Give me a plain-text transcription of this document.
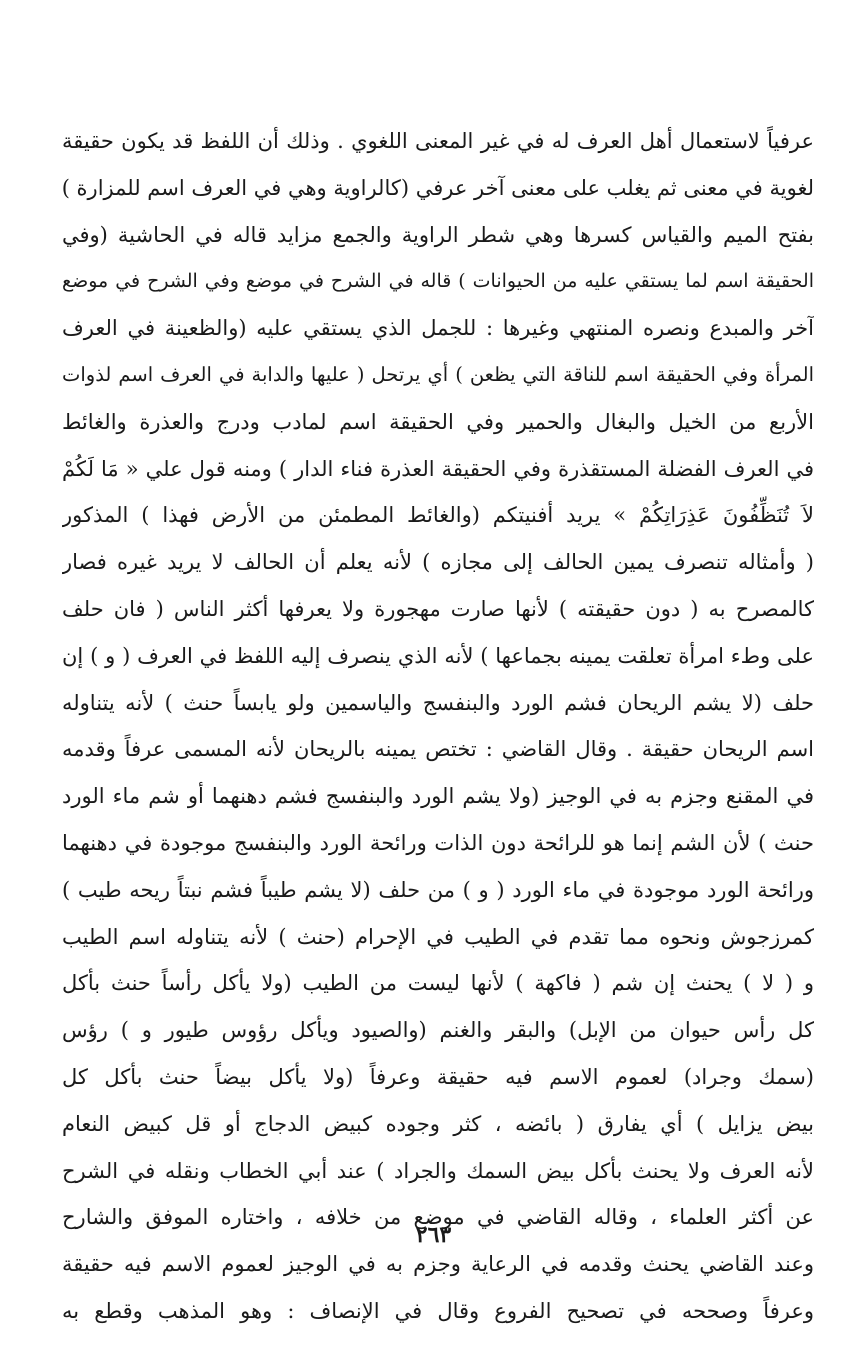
عرفياً لاستعمال أهل العرف له في غير المعنى اللغوي . وذلك أن اللفظ قد يكون حقيقة
لغوية في معنى ثم يغلب على معنى آخر عرفي (كالراوية وهي في العرف اسم للمزارة )
بفتح الميم والقياس كسرها وهي شطر الراوية والجمع مزايد قاله في الحاشية (وفي
الحقيقة اسم لما يستقي عليه من الحيوانات ) قاله في الشرح في موضع وفي الشرح في موضع
آخر والمبدع ونصره المنتهي وغيرها : للجمل الذي يستقي عليه (والظعينة في العرف
المرأة وفي الحقيقة اسم للناقة التي يظعن ) أي يرتحل ( عليها والدابة في العرف اسم لذوات
الأربع من الخيل والبغال والحمير وفي الحقيقة اسم لمادب ودرج والعذرة والغائط
في العرف الفضلة المستقذرة وفي الحقيقة العذرة فناء الدار ) ومنه قول علي « مَا لَكُمْ
لاَ تُنَظِّفُونَ عَذِرَاتِكُمْ » يريد أفنيتكم (والغائط المطمئن من الأرض فهذا ) المذكور
( وأمثاله تنصرف يمين الحالف إلى مجازه ) لأنه يعلم أن الحالف لا يريد غيره فصار
كالمصرح به ( دون حقيقته ) لأنها صارت مهجورة ولا يعرفها أكثر الناس ( فان حلف
على وطء امرأة تعلقت يمينه بجماعها ) لأنه الذي ينصرف إليه اللفظ في العرف ( و ) إن
حلف (لا يشم الريحان فشم الورد والبنفسج والياسمين ولو يابساً حنث ) لأنه يتناوله
اسم الريحان حقيقة . وقال القاضي : تختص يمينه بالريحان لأنه المسمى عرفاً وقدمه
في المقنع وجزم به في الوجيز (ولا يشم الورد والبنفسج فشم دهنهما أو شم ماء الورد
حنث ) لأن الشم إنما هو للرائحة دون الذات ورائحة الورد والبنفسج موجودة في دهنهما
ورائحة الورد موجودة في ماء الورد ( و ) من حلف (لا يشم طيباً فشم نبتاً ريحه طيب )
كمرزجوش ونحوه مما تقدم في الطيب في الإحرام (حنث ) لأنه يتناوله اسم الطيب
و ( لا ) يحنث إن شم ( فاكهة ) لأنها ليست من الطيب (ولا يأكل رأساً حنث بأكل
كل رأس حيوان من الإبل) والبقر والغنم (والصيود ويأكل رؤوس طيور و ) رؤس
(سمك وجراد) لعموم الاسم فيه حقيقة وعرفاً (ولا يأكل بيضاً حنث بأكل كل
بيض يزايل ) أي يفارق ( بائضه ، كثر وجوده كبيض الدجاج أو قل كبيض النعام
لأنه العرف ولا يحنث بأكل بيض السمك والجراد ) عند أبي الخطاب ونقله في الشرح
عن أكثر العلماء ، وقاله القاضي في موضع من خلافه ، واختاره الموفق والشارح
وعند القاضي يحنث وقدمه في الرعاية وجزم به في الوجيز لعموم الاسم فيه حقيقة
وعرفاً وصححه في تصحيح الفروع وقال في الإنصاف : وهو المذهب وقطع به
٢٦٣
